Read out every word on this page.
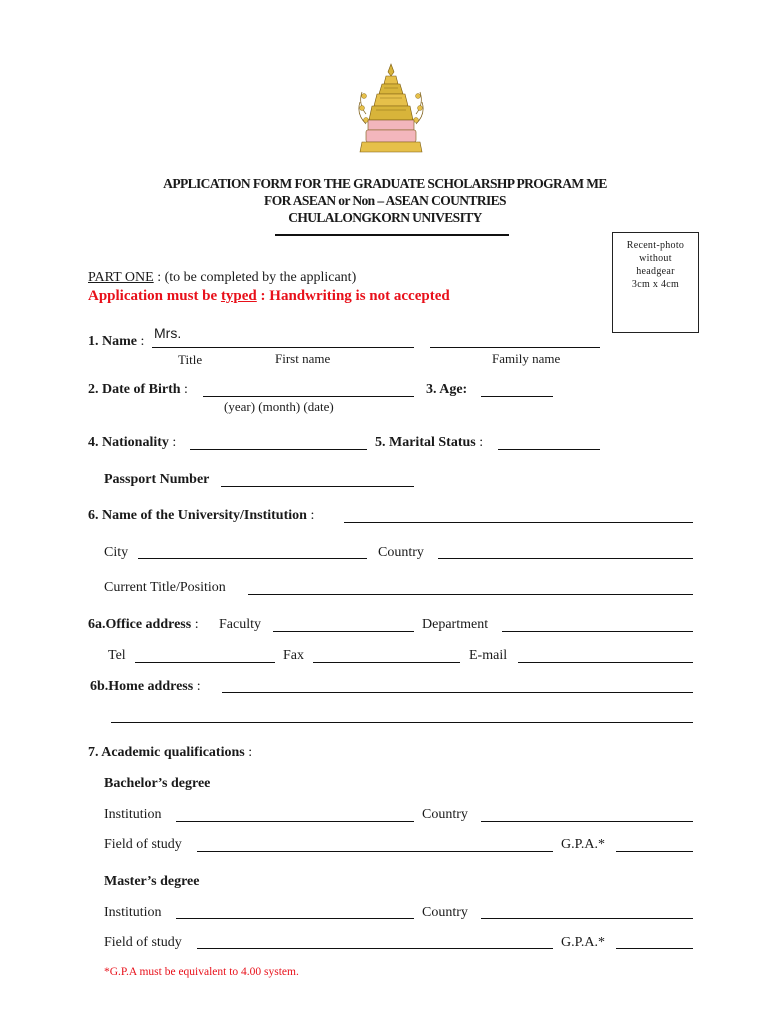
APPLICATION FORM FOR THE GRADUATE SCHOLARSHP PROGRAM ME
FOR ASEAN or Non – ASEAN COUNTRIES
CHULALONGKORN UNIVESITY
Recent-photo
without
headgear
3cm x 4cm
PART ONE : (to be completed by the applicant)
Application must be typed : Handwriting is not accepted
1. Name :
Mrs.
Title	First name	Family name
2. Date of Birth :
(year) (month) (date)
3. Age:
4. Nationality :	5. Marital Status :
Passport Number
6. Name of the University/Institution :
City	Country
Current Title/Position
6a.Office address : Faculty	Department
Tel	Fax	E-mail
6b.Home address :
7. Academic qualifications :
Bachelor’s degree
Institution	Country
Field of study	G.P.A.*
Master’s degree
Institution	Country
Field of study	G.P.A.*
*G.P.A must be equivalent to 4.00 system.
